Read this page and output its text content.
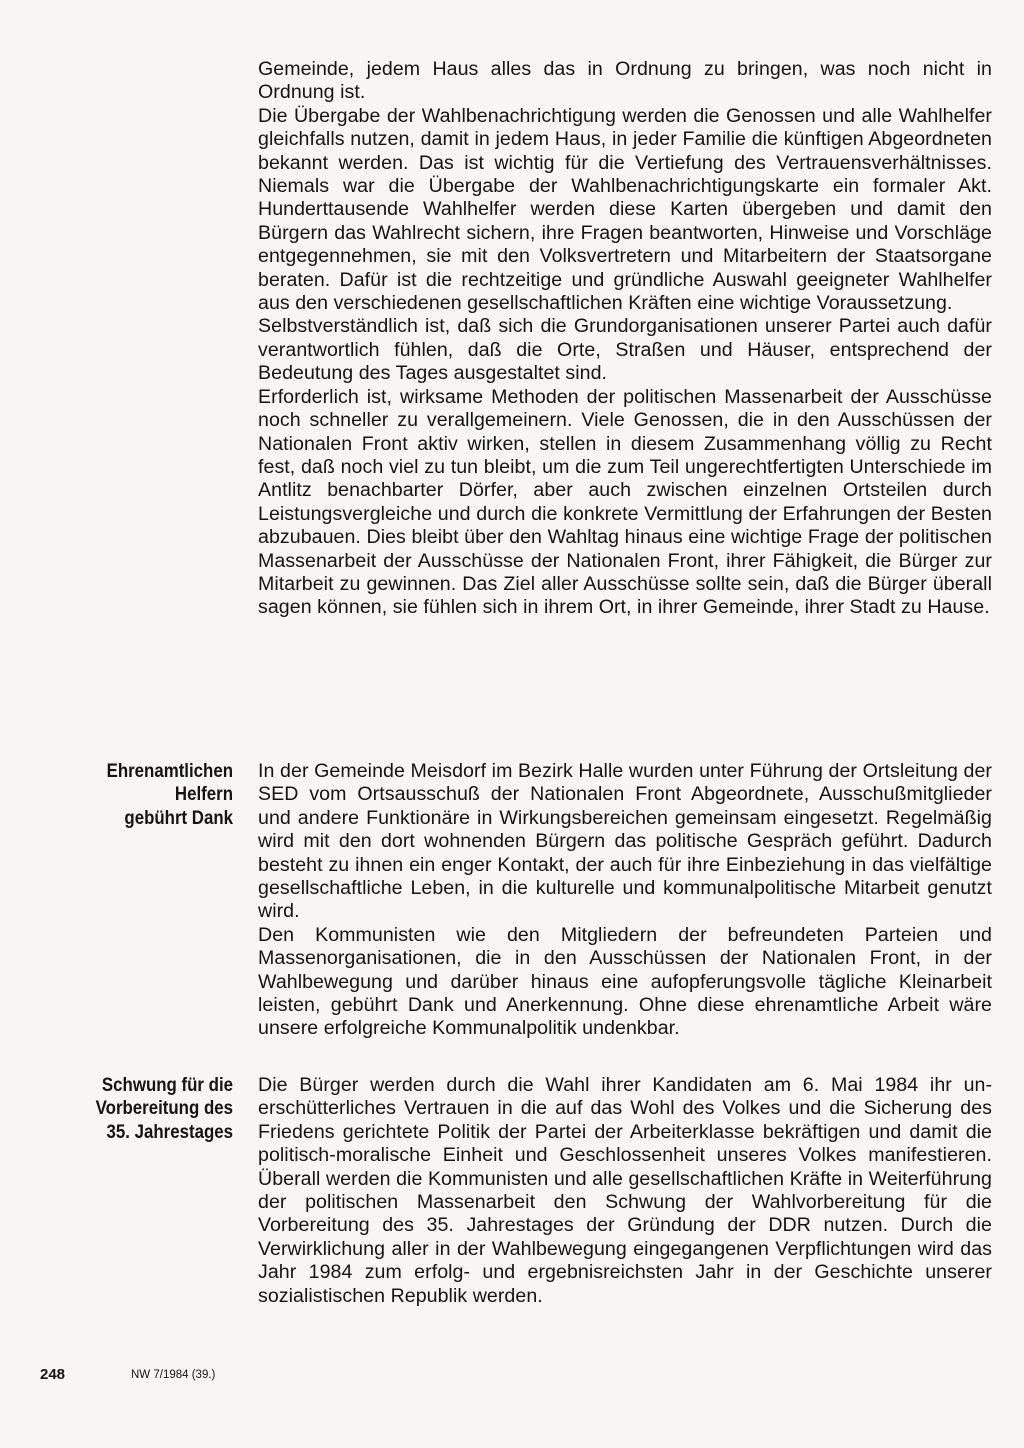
Gemeinde, jedem Haus alles das in Ordnung zu bringen, was noch nicht in Ordnung ist.

Die Übergabe der Wahlbenachrichtigung werden die Genossen und alle Wahlhelfer gleichfalls nutzen, damit in jedem Haus, in jeder Familie die künftigen Abgeordneten bekannt werden. Das ist wichtig für die Vertiefung des Vertrauensverhältnisses. Niemals war die Übergabe der Wahlbenachrichtigungskarte ein formaler Akt. Hunderttausende Wahlhelfer werden diese Karten übergeben und damit den Bürgern das Wahlrecht sichern, ihre Fragen beantworten, Hinweise und Vorschläge entgegennehmen, sie mit den Volksvertretern und Mitarbeitern der Staatsorgane beraten. Dafür ist die rechtzeitige und gründliche Auswahl geeigneter Wahlhelfer aus den verschiedenen gesellschaftlichen Kräften eine wichtige Voraussetzung.

Selbstverständlich ist, daß sich die Grundorganisationen unserer Partei auch dafür verantwortlich fühlen, daß die Orte, Straßen und Häuser, entsprechend der Bedeutung des Tages ausgestaltet sind.

Erforderlich ist, wirksame Methoden der politischen Massenarbeit der Ausschüsse noch schneller zu verallgemeinern. Viele Genossen, die in den Ausschüssen der Nationalen Front aktiv wirken, stellen in diesem Zusammenhang völlig zu Recht fest, daß noch viel zu tun bleibt, um die zum Teil ungerechtfertigten Unterschiede im Antlitz benachbarter Dörfer, aber auch zwischen einzelnen Ortsteilen durch Leistungsvergleiche und durch die konkrete Vermittlung der Erfahrungen der Besten abzubauen. Dies bleibt über den Wahltag hinaus eine wichtige Frage der politischen Massenarbeit der Ausschüsse der Nationalen Front, ihrer Fähigkeit, die Bürger zur Mitarbeit zu gewinnen. Das Ziel aller Ausschüsse sollte sein, daß die Bürger überall sagen können, sie fühlen sich in ihrem Ort, in ihrer Gemeinde, ihrer Stadt zu Hause.

Ehrenamtlichen
Helfern
gebührt Dank

In der Gemeinde Meisdorf im Bezirk Halle wurden unter Führung der Ortsleitung der SED vom Ortsausschuß der Nationalen Front Abgeordnete, Ausschußmitglieder und andere Funktionäre in Wirkungsbereichen gemeinsam eingesetzt. Regelmäßig wird mit den dort wohnenden Bürgern das politische Gespräch geführt. Dadurch besteht zu ihnen ein enger Kontakt, der auch für ihre Einbeziehung in das vielfältige gesellschaftliche Leben, in die kulturelle und kommunalpolitische Mitarbeit genutzt wird.

Den Kommunisten wie den Mitgliedern der befreundeten Parteien und Massenorganisationen, die in den Ausschüssen der Nationalen Front, in der Wahlbewegung und darüber hinaus eine aufopferungsvolle tägliche Kleinarbeit leisten, gebührt Dank und Anerkennung. Ohne diese ehrenamtliche Arbeit wäre unsere erfolgreiche Kommunalpolitik undenkbar.

Schwung für die
Vorbereitung des
35. Jahrestages

Die Bürger werden durch die Wahl ihrer Kandidaten am 6. Mai 1984 ihr unerschütterliches Vertrauen in die auf das Wohl des Volkes und die Sicherung des Friedens gerichtete Politik der Partei der Arbeiterklasse bekräftigen und damit die politisch-moralische Einheit und Geschlossenheit unseres Volkes manifestieren. Überall werden die Kommunisten und alle gesellschaftlichen Kräfte in Weiterführung der politischen Massenarbeit den Schwung der Wahlvorbereitung für die Vorbereitung des 35. Jahrestages der Gründung der DDR nutzen. Durch die Verwirklichung aller in der Wahlbewegung eingegangenen Verpflichtungen wird das Jahr 1984 zum erfolg- und ergebnisreichsten Jahr in der Geschichte unserer sozialistischen Republik werden.

248	NW 7/1984 (39.)
